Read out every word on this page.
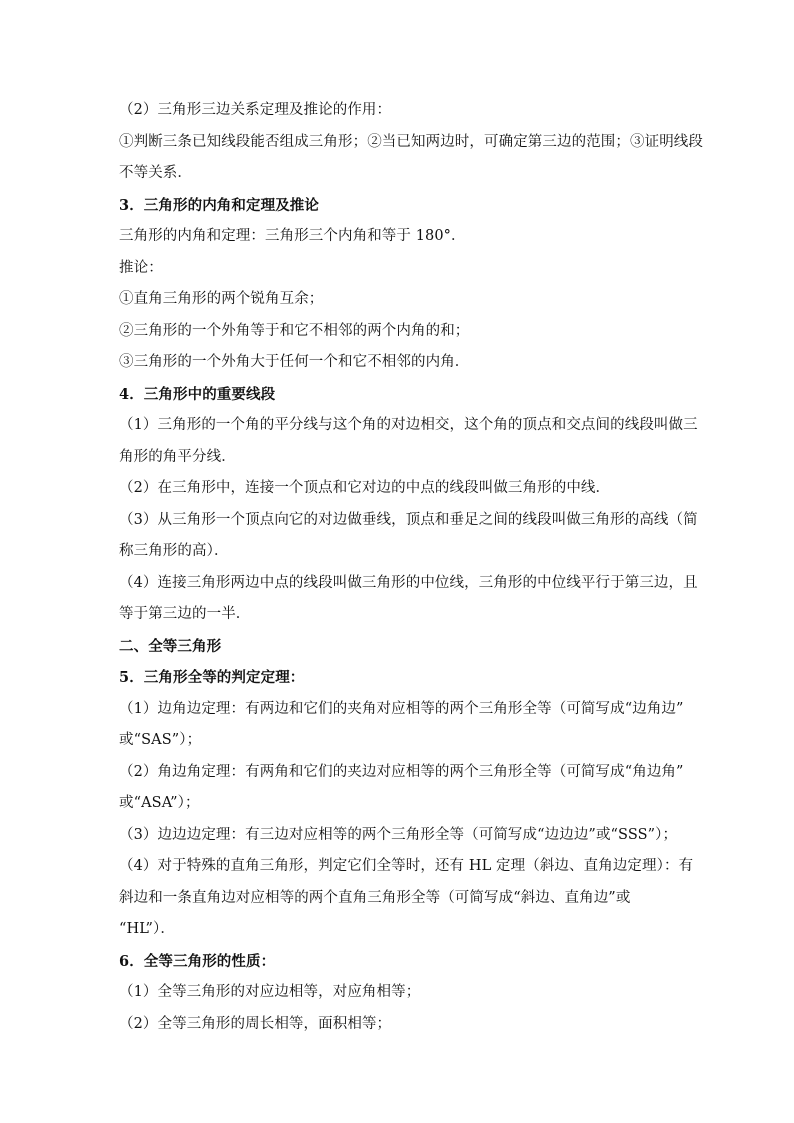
（2）三角形三边关系定理及推论的作用：
①判断三条已知线段能否组成三角形；②当已知两边时，可确定第三边的范围；③证明线段
不等关系．
3．三角形的内角和定理及推论
三角形的内角和定理：三角形三个内角和等于 180°．
推论：
①直角三角形的两个锐角互余；
②三角形的一个外角等于和它不相邻的两个内角的和；
③三角形的一个外角大于任何一个和它不相邻的内角．
4．三角形中的重要线段
（1）三角形的一个角的平分线与这个角的对边相交，这个角的顶点和交点间的线段叫做三
角形的角平分线．
（2）在三角形中，连接一个顶点和它对边的中点的线段叫做三角形的中线．
（3）从三角形一个顶点向它的对边做垂线，顶点和垂足之间的线段叫做三角形的高线（简
称三角形的高）．
（4）连接三角形两边中点的线段叫做三角形的中位线，三角形的中位线平行于第三边，且
等于第三边的一半．
二、全等三角形
5．三角形全等的判定定理：
（1）边角边定理：有两边和它们的夹角对应相等的两个三角形全等（可简写成“边角边”
或“SAS”）；
（2）角边角定理：有两角和它们的夹边对应相等的两个三角形全等（可简写成“角边角”
或“ASA”）；
（3）边边边定理：有三边对应相等的两个三角形全等（可简写成“边边边”或“SSS”）；
（4）对于特殊的直角三角形，判定它们全等时，还有 HL 定理（斜边、直角边定理）：有
斜边和一条直角边对应相等的两个直角三角形全等（可简写成“斜边、直角边”或
“HL”）．
6．全等三角形的性质：
（1）全等三角形的对应边相等，对应角相等；
（2）全等三角形的周长相等，面积相等；
